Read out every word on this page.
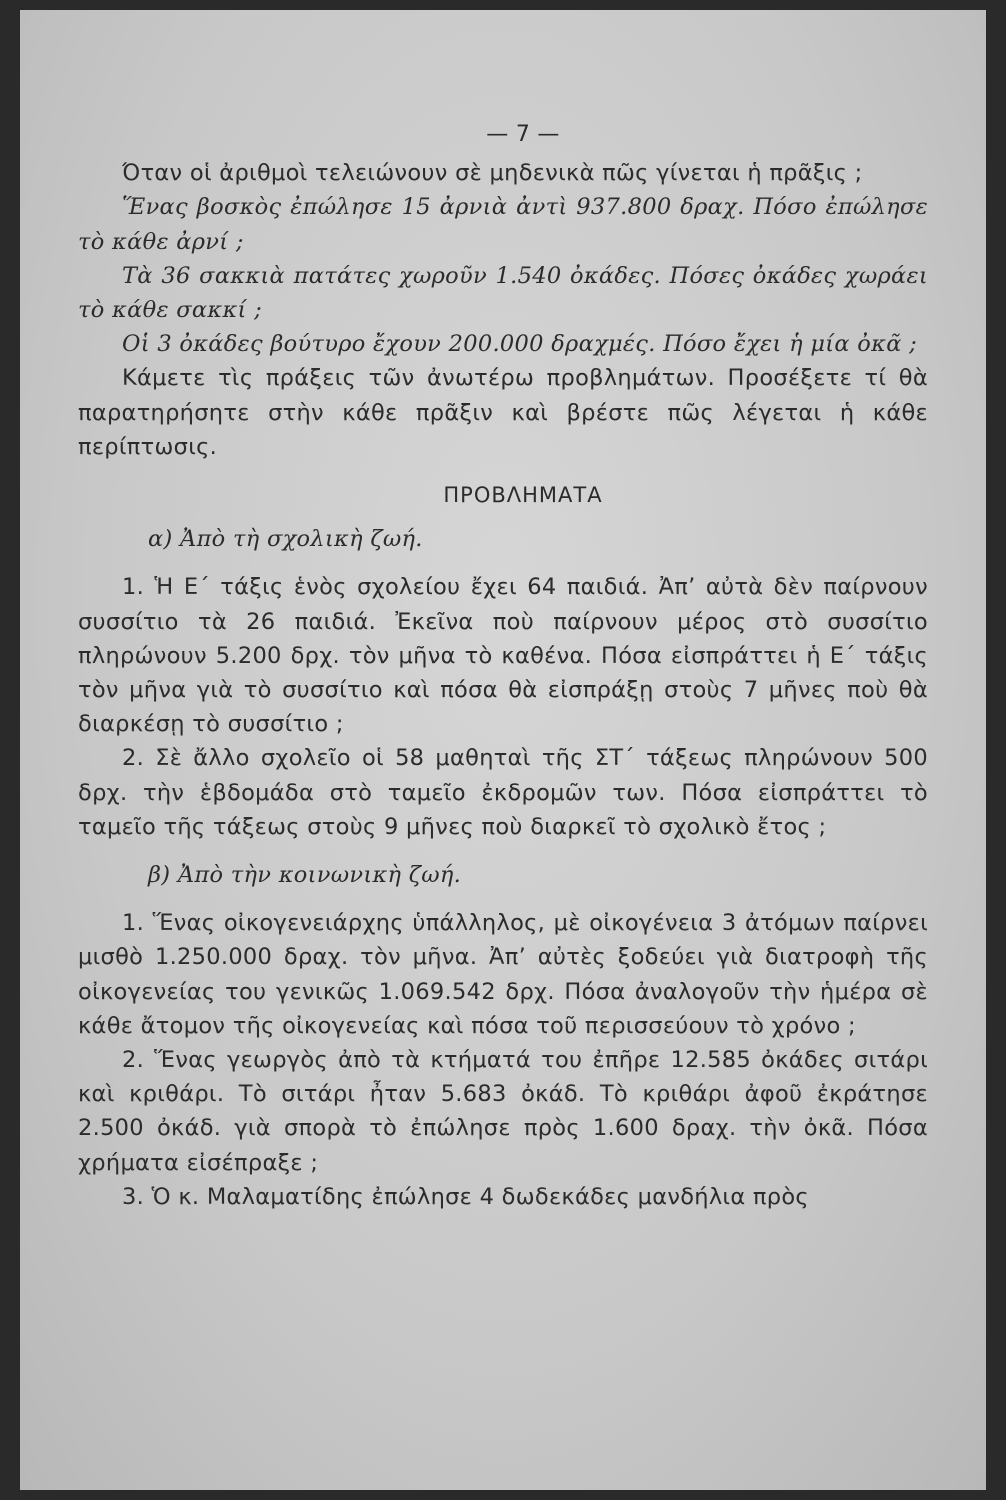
— 7 —

Όταν οἱ ἀριθμοὶ τελειώνουν σὲ μηδενικὰ πῶς γίνεται ἡ πρᾶξις ;

Ἕνας βοσκὸς ἐπώλησε 15 ἀρνιὰ ἀντὶ 937.800 δραχ. Πόσο ἐπώλησε τὸ κάθε ἀρνί ;

Τὰ 36 σακκιὰ πατάτες χωροῦν 1.540 ὀκάδες. Πόσες ὀκάδες χωράει τὸ κάθε σακκί ;

Οἱ 3 ὀκάδες βούτυρο ἔχουν 200.000 δραχμές. Πόσο ἔχει ἡ μία ὀκᾶ ;

Κάμετε τὶς πράξεις τῶν ἀνωτέρω προβλημάτων. Προσέξετε τί θὰ παρατηρήσητε στὴν κάθε πρᾶξιν καὶ βρέστε πῶς λέγεται ἡ κάθε περίπτωσις.

ΠΡΟΒΛΗΜΑΤΑ
α) Ἀπὸ τὴ σχολικὴ ζωή.

1. Ἡ Ε΄ τάξις ἑνὸς σχολείου ἔχει 64 παιδιά. Ἀπ’ αὐτὰ δὲν παίρνουν συσσίτιο τὰ 26 παιδιά. Ἐκεῖνα ποὺ παίρνουν μέρος στὸ συσσίτιο πληρώνουν 5.200 δρχ. τὸν μῆνα τὸ καθένα. Πόσα εἰσπράττει ἡ Ε΄ τάξις τὸν μῆνα γιὰ τὸ συσσίτιο καὶ πόσα θὰ εἰσπράξῃ στοὺς 7 μῆνες ποὺ θὰ διαρκέσῃ τὸ συσσίτιο ;

2. Σὲ ἄλλο σχολεῖο οἱ 58 μαθηταὶ τῆς ΣΤ΄ τάξεως πληρώνουν 500 δρχ. τὴν ἑβδομάδα στὸ ταμεῖο ἐκδρομῶν των. Πόσα εἰσπράττει τὸ ταμεῖο τῆς τάξεως στοὺς 9 μῆνες ποὺ διαρκεῖ τὸ σχολικὸ ἔτος ;

β) Ἀπὸ τὴν κοινωνικὴ ζωή.

1. Ἕνας οἰκογενειάρχης ὑπάλληλος, μὲ οἰκογένεια 3 ἀτόμων παίρνει μισθὸ 1.250.000 δραχ. τὸν μῆνα. Ἀπ’ αὐτὲς ξοδεύει γιὰ διατροφὴ τῆς οἰκογενείας του γενικῶς 1.069.542 δρχ. Πόσα ἀναλογοῦν τὴν ἡμέρα σὲ κάθε ἄτομον τῆς οἰκογενείας καὶ πόσα τοῦ περισσεύουν τὸ χρόνο ;

2. Ἕνας γεωργὸς ἀπὸ τὰ κτήματά του ἐπῆρε 12.585 ὀκάδες σιτάρι καὶ κριθάρι. Τὸ σιτάρι ἦταν 5.683 ὀκάδ. Τὸ κριθάρι ἀφοῦ ἐκράτησε 2.500 ὀκάδ. γιὰ σπορὰ τὸ ἐπώλησε πρὸς 1.600 δραχ. τὴν ὀκᾶ. Πόσα χρήματα εἰσέπραξε ;

3. Ὁ κ. Μαλαματίδης ἐπώλησε 4 δωδεκάδες μανδήλια πρὸς
